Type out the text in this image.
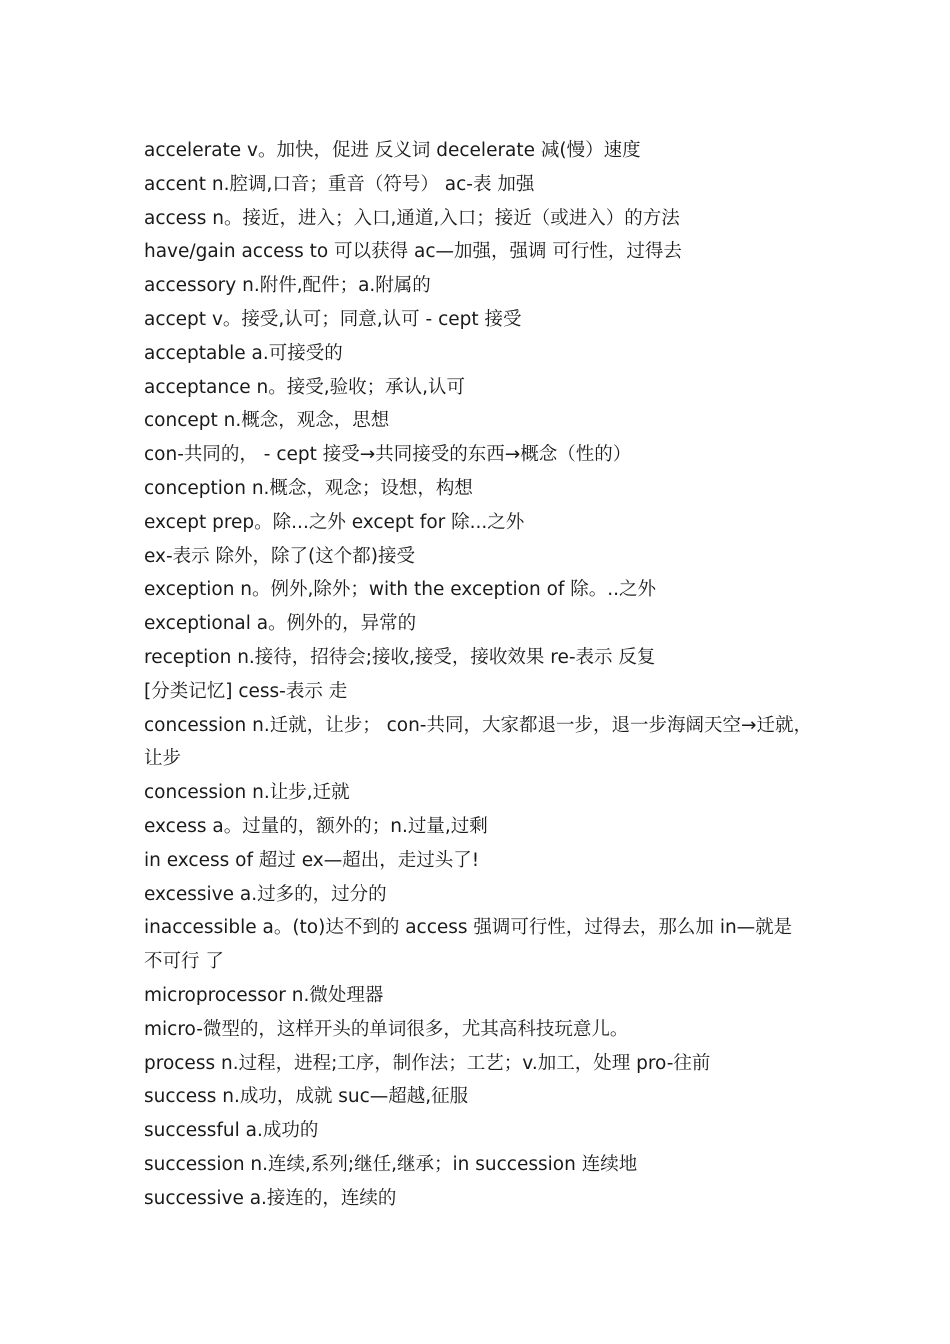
accelerate v。加快，促进 反义词 decelerate 减(慢）速度

accent n.腔调,口音；重音（符号） ac-表 加强

access n。接近，进入；入口,通道,入口；接近（或进入）的方法

have/gain access to 可以获得 ac—加强，强调 可行性，过得去

accessory n.附件,配件；a.附属的

accept v。接受,认可；同意,认可 - cept 接受

acceptable a.可接受的

acceptance n。接受,验收；承认,认可

concept n.概念，观念，思想

con-共同的， - cept 接受→共同接受的东西→概念（性的）

conception n.概念，观念；设想，构想

except prep。除...之外 except for 除...之外

ex-表示 除外，除了(这个都)接受

exception n。例外,除外；with the exception of 除。..之外

exceptional a。例外的，异常的

reception n.接待，招待会;接收,接受，接收效果 re-表示 反复

[分类记忆] cess-表示 走

concession n.迁就，让步； con-共同，大家都退一步，退一步海阔天空→迁就，让步

concession n.让步,迁就

excess a。过量的，额外的；n.过量,过剩

in excess of 超过 ex—超出，走过头了!

excessive a.过多的，过分的

inaccessible a。(to)达不到的 access 强调可行性，过得去，那么加 in—就是 不可行 了

microprocessor n.微处理器

micro-微型的，这样开头的单词很多，尤其高科技玩意儿。

process n.过程，进程;工序，制作法；工艺；v.加工，处理 pro-往前

success n.成功，成就 suc—超越,征服

successful a.成功的

succession n.连续,系列;继任,继承；in succession 连续地

successive a.接连的，连续的
